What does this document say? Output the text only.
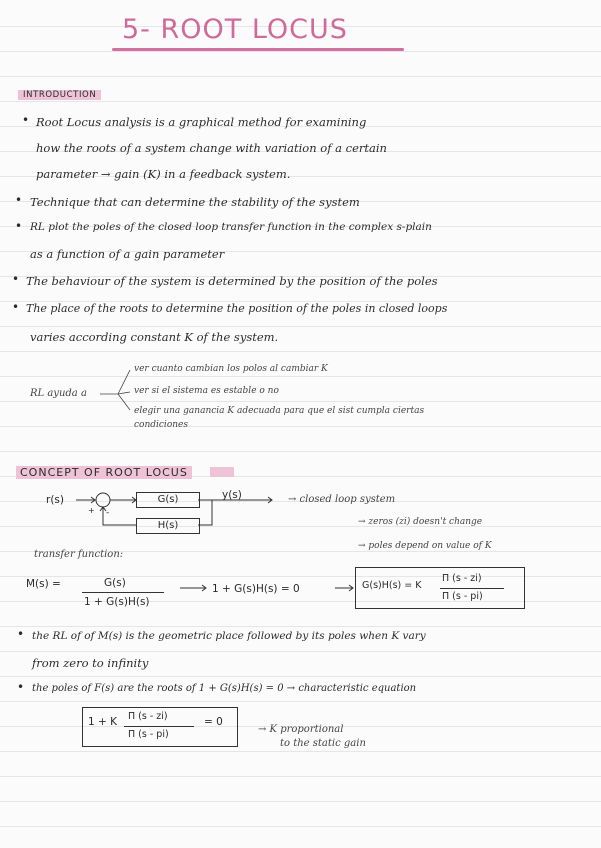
5- ROOT LOCUS
INTRODUCTION
• Root Locus analysis is a graphical method for examining
how the roots of a system change with variation of a certain
parameter → gain (K) in a feedback system.
• Technique that can determine the stability of the system
• RL plot the poles of the closed loop transfer function in the complex s-plain
as a function of a gain parameter
• The behaviour of the system is determined by the position of the poles
• The place of the roots to determine the position of the poles in closed loops
varies according constant K of the system.
RL ayuda a
ver cuanto cambian los polos al cambiar K
ver si el sistema es estable o no
elegir una ganancia K adecuada para que el sist cumpla ciertas
condiciones
CONCEPT OF ROOT LOCUS
r(s)
+ -
G(s)
H(s)
y(s)	→ closed loop system
→ zeros (zi) doesn't change
→ poles depend on value of K
transfer function:
M(s) =	G(s)
1 + G(s)H(s)
1 + G(s)H(s) = 0	G(s)H(s) = K
Π (s - zi)
Π (s - pi)
• the RL of of M(s) is the geometric place followed by its poles when K vary
from zero to infinity
• the poles of F(s) are the roots of 1 + G(s)H(s) = 0 → characteristic equation
1 + K Π (s - zi)
Π (s - pi)
= 0
→ K proportional
to the static gain
